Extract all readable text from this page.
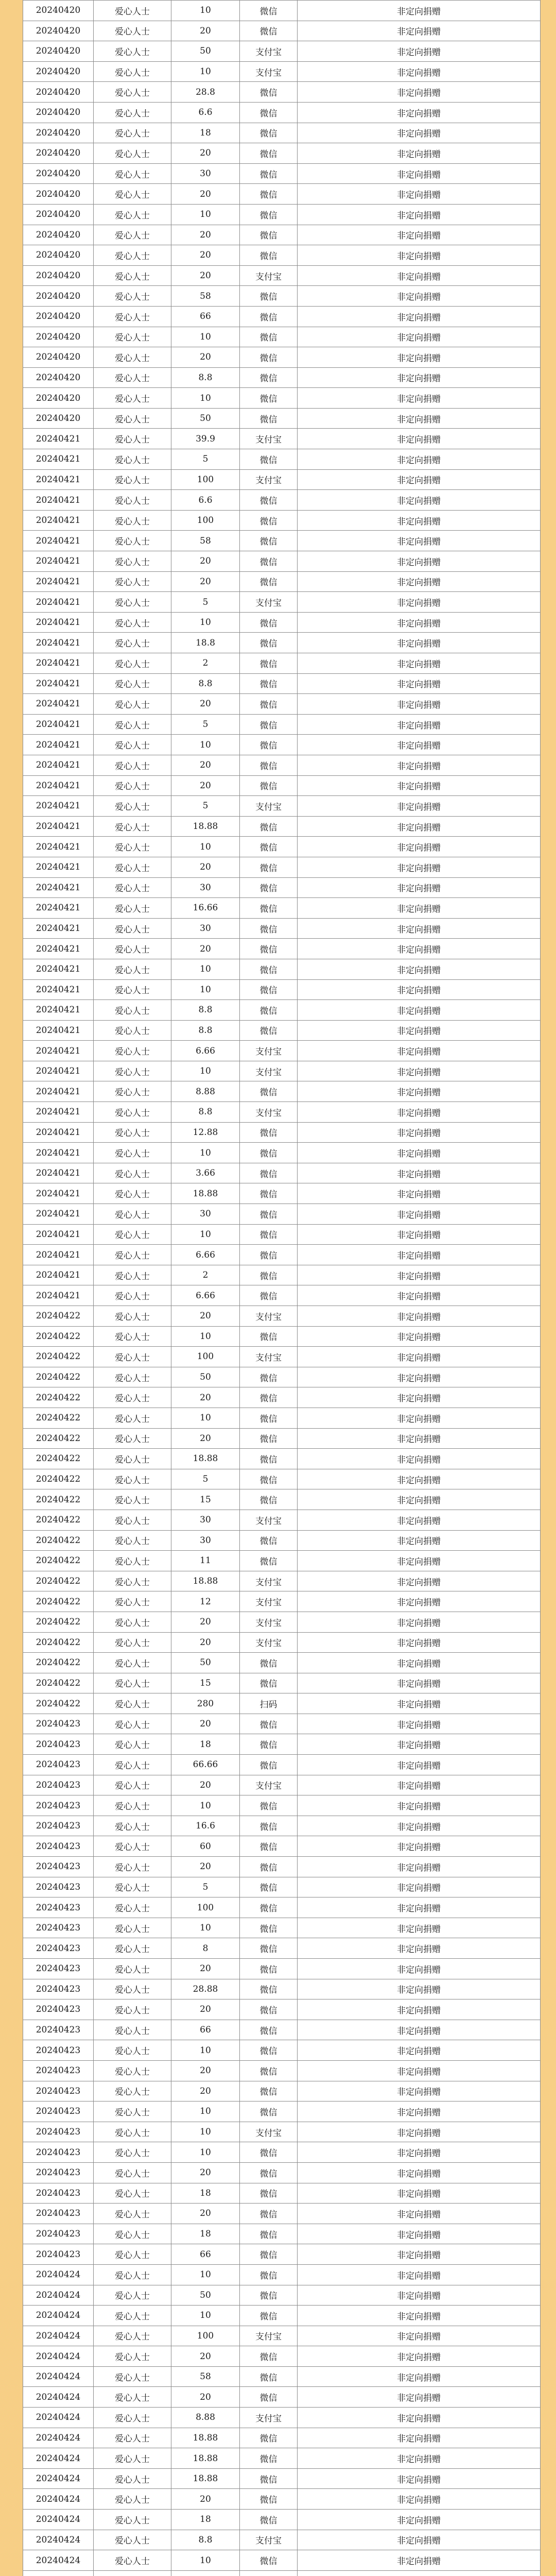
20240420	爱心人士	10	微信	非定向捐赠
20240420	爱心人士	20	微信	非定向捐赠
20240420	爱心人士	50	支付宝	非定向捐赠
20240420	爱心人士	10	支付宝	非定向捐赠
20240420	爱心人士	28.8	微信	非定向捐赠
20240420	爱心人士	6.6	微信	非定向捐赠
20240420	爱心人士	18	微信	非定向捐赠
20240420	爱心人士	20	微信	非定向捐赠
20240420	爱心人士	30	微信	非定向捐赠
20240420	爱心人士	20	微信	非定向捐赠
20240420	爱心人士	10	微信	非定向捐赠
20240420	爱心人士	20	微信	非定向捐赠
20240420	爱心人士	20	微信	非定向捐赠
20240420	爱心人士	20	支付宝	非定向捐赠
20240420	爱心人士	58	微信	非定向捐赠
20240420	爱心人士	66	微信	非定向捐赠
20240420	爱心人士	10	微信	非定向捐赠
20240420	爱心人士	20	微信	非定向捐赠
20240420	爱心人士	8.8	微信	非定向捐赠
20240420	爱心人士	10	微信	非定向捐赠
20240420	爱心人士	50	微信	非定向捐赠
20240421	爱心人士	39.9	支付宝	非定向捐赠
20240421	爱心人士	5	微信	非定向捐赠
20240421	爱心人士	100	支付宝	非定向捐赠
20240421	爱心人士	6.6	微信	非定向捐赠
20240421	爱心人士	100	微信	非定向捐赠
20240421	爱心人士	58	微信	非定向捐赠
20240421	爱心人士	20	微信	非定向捐赠
20240421	爱心人士	20	微信	非定向捐赠
20240421	爱心人士	5	支付宝	非定向捐赠
20240421	爱心人士	10	微信	非定向捐赠
20240421	爱心人士	18.8	微信	非定向捐赠
20240421	爱心人士	2	微信	非定向捐赠
20240421	爱心人士	8.8	微信	非定向捐赠
20240421	爱心人士	20	微信	非定向捐赠
20240421	爱心人士	5	微信	非定向捐赠
20240421	爱心人士	10	微信	非定向捐赠
20240421	爱心人士	20	微信	非定向捐赠
20240421	爱心人士	20	微信	非定向捐赠
20240421	爱心人士	5	支付宝	非定向捐赠
20240421	爱心人士	18.88	微信	非定向捐赠
20240421	爱心人士	10	微信	非定向捐赠
20240421	爱心人士	20	微信	非定向捐赠
20240421	爱心人士	30	微信	非定向捐赠
20240421	爱心人士	16.66	微信	非定向捐赠
20240421	爱心人士	30	微信	非定向捐赠
20240421	爱心人士	20	微信	非定向捐赠
20240421	爱心人士	10	微信	非定向捐赠
20240421	爱心人士	10	微信	非定向捐赠
20240421	爱心人士	8.8	微信	非定向捐赠
20240421	爱心人士	8.8	微信	非定向捐赠
20240421	爱心人士	6.66	支付宝	非定向捐赠
20240421	爱心人士	10	支付宝	非定向捐赠
20240421	爱心人士	8.88	微信	非定向捐赠
20240421	爱心人士	8.8	支付宝	非定向捐赠
20240421	爱心人士	12.88	微信	非定向捐赠
20240421	爱心人士	10	微信	非定向捐赠
20240421	爱心人士	3.66	微信	非定向捐赠
20240421	爱心人士	18.88	微信	非定向捐赠
20240421	爱心人士	30	微信	非定向捐赠
20240421	爱心人士	10	微信	非定向捐赠
20240421	爱心人士	6.66	微信	非定向捐赠
20240421	爱心人士	2	微信	非定向捐赠
20240421	爱心人士	6.66	微信	非定向捐赠
20240422	爱心人士	20	支付宝	非定向捐赠
20240422	爱心人士	10	微信	非定向捐赠
20240422	爱心人士	100	支付宝	非定向捐赠
20240422	爱心人士	50	微信	非定向捐赠
20240422	爱心人士	20	微信	非定向捐赠
20240422	爱心人士	10	微信	非定向捐赠
20240422	爱心人士	20	微信	非定向捐赠
20240422	爱心人士	18.88	微信	非定向捐赠
20240422	爱心人士	5	微信	非定向捐赠
20240422	爱心人士	15	微信	非定向捐赠
20240422	爱心人士	30	支付宝	非定向捐赠
20240422	爱心人士	30	微信	非定向捐赠
20240422	爱心人士	11	微信	非定向捐赠
20240422	爱心人士	18.88	支付宝	非定向捐赠
20240422	爱心人士	12	支付宝	非定向捐赠
20240422	爱心人士	20	支付宝	非定向捐赠
20240422	爱心人士	20	支付宝	非定向捐赠
20240422	爱心人士	50	微信	非定向捐赠
20240422	爱心人士	15	微信	非定向捐赠
20240422	爱心人士	280	扫码	非定向捐赠
20240423	爱心人士	20	微信	非定向捐赠
20240423	爱心人士	18	微信	非定向捐赠
20240423	爱心人士	66.66	微信	非定向捐赠
20240423	爱心人士	20	支付宝	非定向捐赠
20240423	爱心人士	10	微信	非定向捐赠
20240423	爱心人士	16.6	微信	非定向捐赠
20240423	爱心人士	60	微信	非定向捐赠
20240423	爱心人士	20	微信	非定向捐赠
20240423	爱心人士	5	微信	非定向捐赠
20240423	爱心人士	100	微信	非定向捐赠
20240423	爱心人士	10	微信	非定向捐赠
20240423	爱心人士	8	微信	非定向捐赠
20240423	爱心人士	20	微信	非定向捐赠
20240423	爱心人士	28.88	微信	非定向捐赠
20240423	爱心人士	20	微信	非定向捐赠
20240423	爱心人士	66	微信	非定向捐赠
20240423	爱心人士	10	微信	非定向捐赠
20240423	爱心人士	20	微信	非定向捐赠
20240423	爱心人士	20	微信	非定向捐赠
20240423	爱心人士	10	微信	非定向捐赠
20240423	爱心人士	10	支付宝	非定向捐赠
20240423	爱心人士	10	微信	非定向捐赠
20240423	爱心人士	20	微信	非定向捐赠
20240423	爱心人士	18	微信	非定向捐赠
20240423	爱心人士	20	微信	非定向捐赠
20240423	爱心人士	18	微信	非定向捐赠
20240423	爱心人士	66	微信	非定向捐赠
20240424	爱心人士	10	微信	非定向捐赠
20240424	爱心人士	50	微信	非定向捐赠
20240424	爱心人士	10	微信	非定向捐赠
20240424	爱心人士	100	支付宝	非定向捐赠
20240424	爱心人士	20	微信	非定向捐赠
20240424	爱心人士	58	微信	非定向捐赠
20240424	爱心人士	20	微信	非定向捐赠
20240424	爱心人士	8.88	支付宝	非定向捐赠
20240424	爱心人士	18.88	微信	非定向捐赠
20240424	爱心人士	18.88	微信	非定向捐赠
20240424	爱心人士	18.88	微信	非定向捐赠
20240424	爱心人士	20	微信	非定向捐赠
20240424	爱心人士	18	微信	非定向捐赠
20240424	爱心人士	8.8	支付宝	非定向捐赠
20240424	爱心人士	10	微信	非定向捐赠
